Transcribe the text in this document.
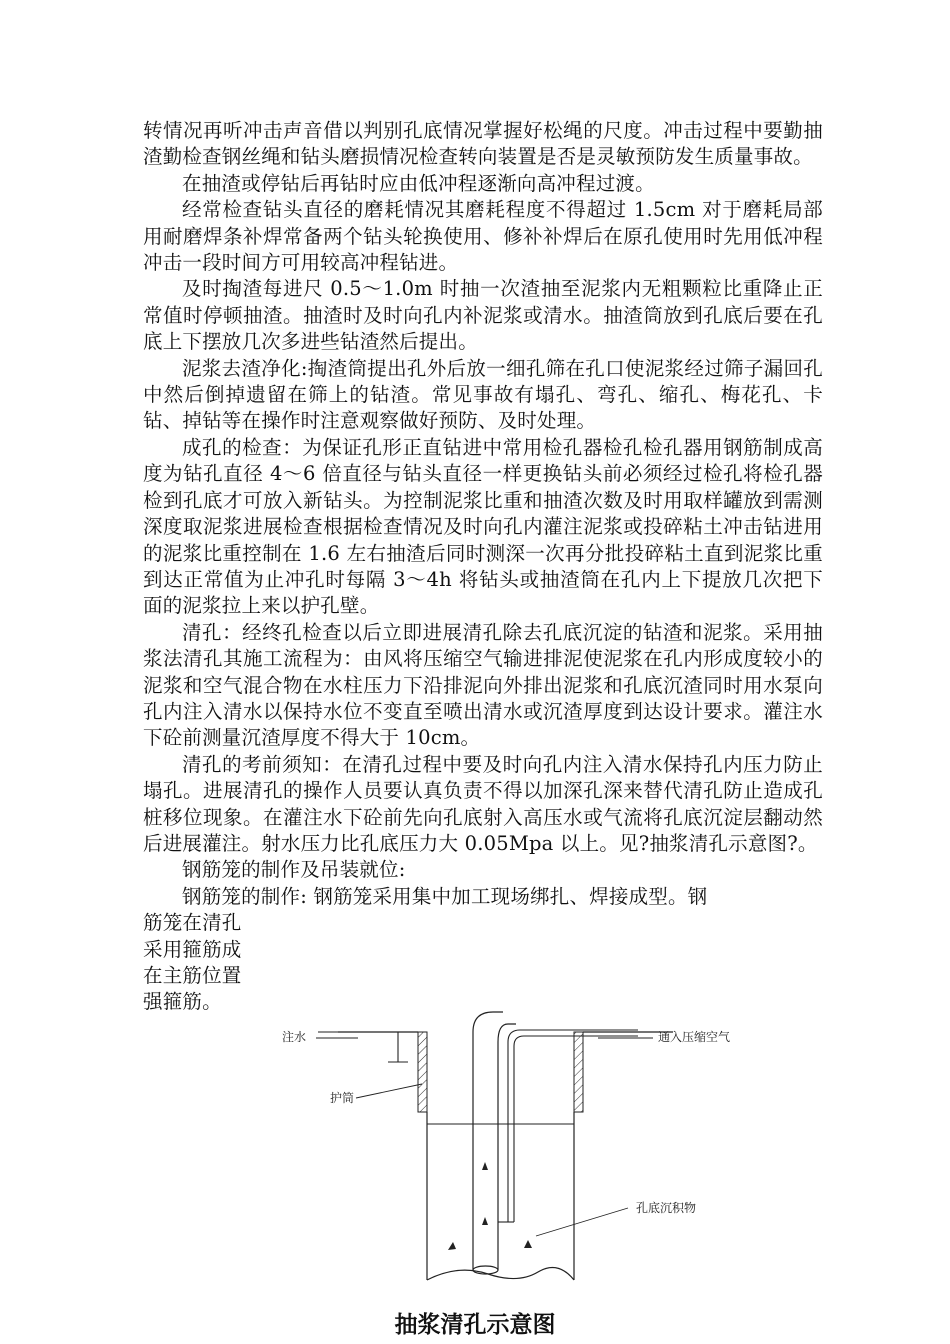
转情况再听冲击声音借以判别孔底情况掌握好松绳的尺度。冲击过程中要勤抽渣勤检查钢丝绳和钻头磨损情况检查转向装置是否是灵敏预防发生质量事故。

在抽渣或停钻后再钻时应由低冲程逐渐向高冲程过渡。

经常检查钻头直径的磨耗情况其磨耗程度不得超过 1.5cm 对于磨耗局部用耐磨焊条补焊常备两个钻头轮换使用、修补补焊后在原孔使用时先用低冲程冲击一段时间方可用较高冲程钻进。

及时掏渣每进尺 0.5～1.0m 时抽一次渣抽至泥浆内无粗颗粒比重降止正常值时停顿抽渣。抽渣时及时向孔内补泥浆或清水。抽渣筒放到孔底后要在孔底上下摆放几次多进些钻渣然后提出。

泥浆去渣净化:掏渣筒提出孔外后放一细孔筛在孔口使泥浆经过筛子漏回孔中然后倒掉遗留在筛上的钻渣。常见事故有塌孔、弯孔、缩孔、梅花孔、卡钻、掉钻等在操作时注意观察做好预防、及时处理。

成孔的检查：为保证孔形正直钻进中常用检孔器检孔检孔器用钢筋制成高度为钻孔直径 4～6 倍直径与钻头直径一样更换钻头前必须经过检孔将检孔器检到孔底才可放入新钻头。为控制泥浆比重和抽渣次数及时用取样罐放到需测深度取泥浆进展检查根据检查情况及时向孔内灌注泥浆或投碎粘土冲击钻进用的泥浆比重控制在 1.6 左右抽渣后同时测深一次再分批投碎粘土直到泥浆比重到达正常值为止冲孔时每隔 3～4h 将钻头或抽渣筒在孔内上下提放几次把下面的泥浆拉上来以护孔壁。

清孔：经终孔检查以后立即进展清孔除去孔底沉淀的钻渣和泥浆。采用抽浆法清孔其施工流程为：由风将压缩空气输进排泥使泥浆在孔内形成度较小的泥浆和空气混合物在水柱压力下沿排泥向外排出泥浆和孔底沉渣同时用水泵向孔内注入清水以保持水位不变直至喷出清水或沉渣厚度到达设计要求。灌注水下砼前测量沉渣厚度不得大于 10cm。

清孔的考前须知：在清孔过程中要及时向孔内注入清水保持孔内压力防止塌孔。进展清孔的操作人员要认真负责不得以加深孔深来替代清孔防止造成孔桩移位现象。在灌注水下砼前先向孔底射入高压水或气流将孔底沉淀层翻动然后进展灌注。射水压力比孔底压力大 0.05Mpa 以上。见?抽浆清孔示意图?。

钢筋笼的制作及吊装就位:

钢筋笼的制作: 钢筋笼采用集中加工现场绑扎、焊接成型。钢

筋笼在清孔
采用箍筋成
在主筋位置
强箍筋。
注水	通入压缩空气
护筒
孔底沉积物
抽浆清孔示意图
